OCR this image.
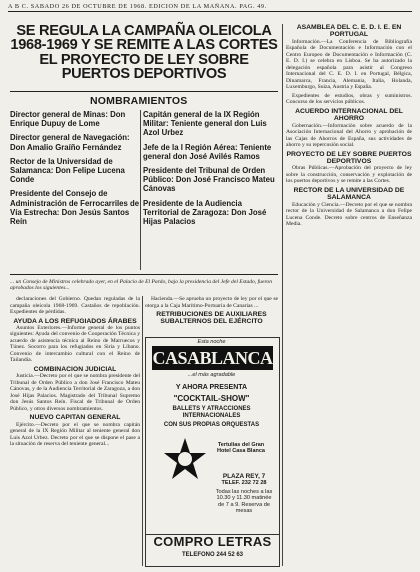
A B C. SABADO 26 DE OCTUBRE DE 1968. EDICION DE LA MAÑANA. PAG. 49.
SE REGULA LA CAMPAÑA OLEICOLA 1968-1969 Y SE REMITE A LAS CORTES EL PROYECTO DE LEY SOBRE PUERTOS DEPORTIVOS
NOMBRAMIENTOS

Director general de Minas: Don Enrique Dupuy de Lome

Director general de Navegación: Don Amalio Graíño Fernández

Rector de la Universidad de Salamanca: Don Felipe Lucena Conde

Presidente del Consejo de Administración de Ferrocarriles de Vía Estrecha: Don Jesús Santos Reín

Capitán general de la IX Región Militar: Teniente general don Luis Azol Urbez

Jefe de la I Región Aérea: Teniente general don José Avilés Ramos

Presidente del Tribunal de Orden Público: Don José Francisco Mateu Cánovas

Presidente de la Audiencia Territorial de Zaragoza: Don José Hijas Palacios

... un Consejo de Ministros celebrado ayer, en el Palacio de El Pardo, bajo la presidencia del Jefe del Estado, fueron aprobados los siguientes...

declaraciones del Gobierno. Quedan reguladas de la campaña oleícola 1968-1969. Castaños de repoblación. Expedientes de pérdidas.

AYUDA A LOS REFUGIADOS ÁRABES

Asuntos Exteriores.—Informe general de los puntos siguientes: Ayuda del convenio de Cooperación Técnica y acuerdo de asistencia técnica al Reino de Marruecos y Túnez. Socorro para los refugiados en Siria y Líbano. Convenio de intercambio cultural con el Reino de Tailandia.

COMBINACION JUDICIAL

Justicia.—Decreto por el que se nombra presidente del Tribunal de Orden Público a don José Francisco Mateu Cánovas, y de la Audiencia Territorial de Zaragoza, a don José Hijas Palacios. Magistrado del Tribunal Supremo don Jesús Santos Reín. Fiscal de Tribunal de Orden Público, y otros diversos nombramientos.

NUEVO CAPITAN GENERAL

Ejército.—Decreto por el que se nombra capitán general de la IX Región Militar al teniente general don Luis Azol Urbez. Decreto por el que se dispone el pase a la situación de reserva del teniente general...

Hacienda.—Se aprueba un proyecto de ley por el que se otorga a la Caja Marítimo-Portuaria de Canarias ...

RETRIBUCIONES DE AUXILIARES SUBALTERNOS DEL EJÉRCITO
Esta noche
CASABLANCA
...el más agradable
Y AHORA PRESENTA
"COCKTAIL-SHOW"
BALLETS Y ATRACCIONES INTERNACIONALES
CON SUS PROPIAS ORQUESTAS
Tertulias del Gran Hotel Casa Blanca
PLAZA REY, 7
TELEF. 232 72 28
Todas las noches a las 10.30 y 11.30 matinée de 7 a 9. Reserva de mesas
COMPRO LETRAS
TELEFONO 244 52 63
ASAMBLEA DEL C. E. D. I. E. EN PORTUGAL

Información.—La Conferencia de Bibliografía Española de Documentación e Información con el Centro Europeo de Documentación e Información (C. E. D. I.) se celebra en Lisboa. Se ha autorizado la delegación española para asistir al Congreso Internacional del C. E. D. I. en Portugal, Bélgica, Dinamarca, Francia, Alemania, Italia, Holanda, Luxemburgo, Suiza, Austria y España.

Expedientes de estudios, obras y suministros. Concurso de los servicios públicos.

ACUERDO INTERNACIONAL DEL AHORRO

Gobernación.—Información sobre acuerdo de la Asociación Internacional del Ahorro y aprobación de las Cajas de Ahorros de España, sus actividades de ahorro y su repercusión social.

PROYECTO DE LEY SOBRE PUERTOS DEPORTIVOS

Obras Públicas.—Aprobación del proyecto de ley sobre la construcción, conservación y explotación de los puertos deportivos y se remite a las Cortes.

RECTOR DE LA UNIVERSIDAD DE SALAMANCA

Educación y Ciencia.—Decreto por el que se nombra rector de la Universidad de Salamanca a don Felipe Lucena Conde. Decreto sobre centros de Enseñanza Media.
